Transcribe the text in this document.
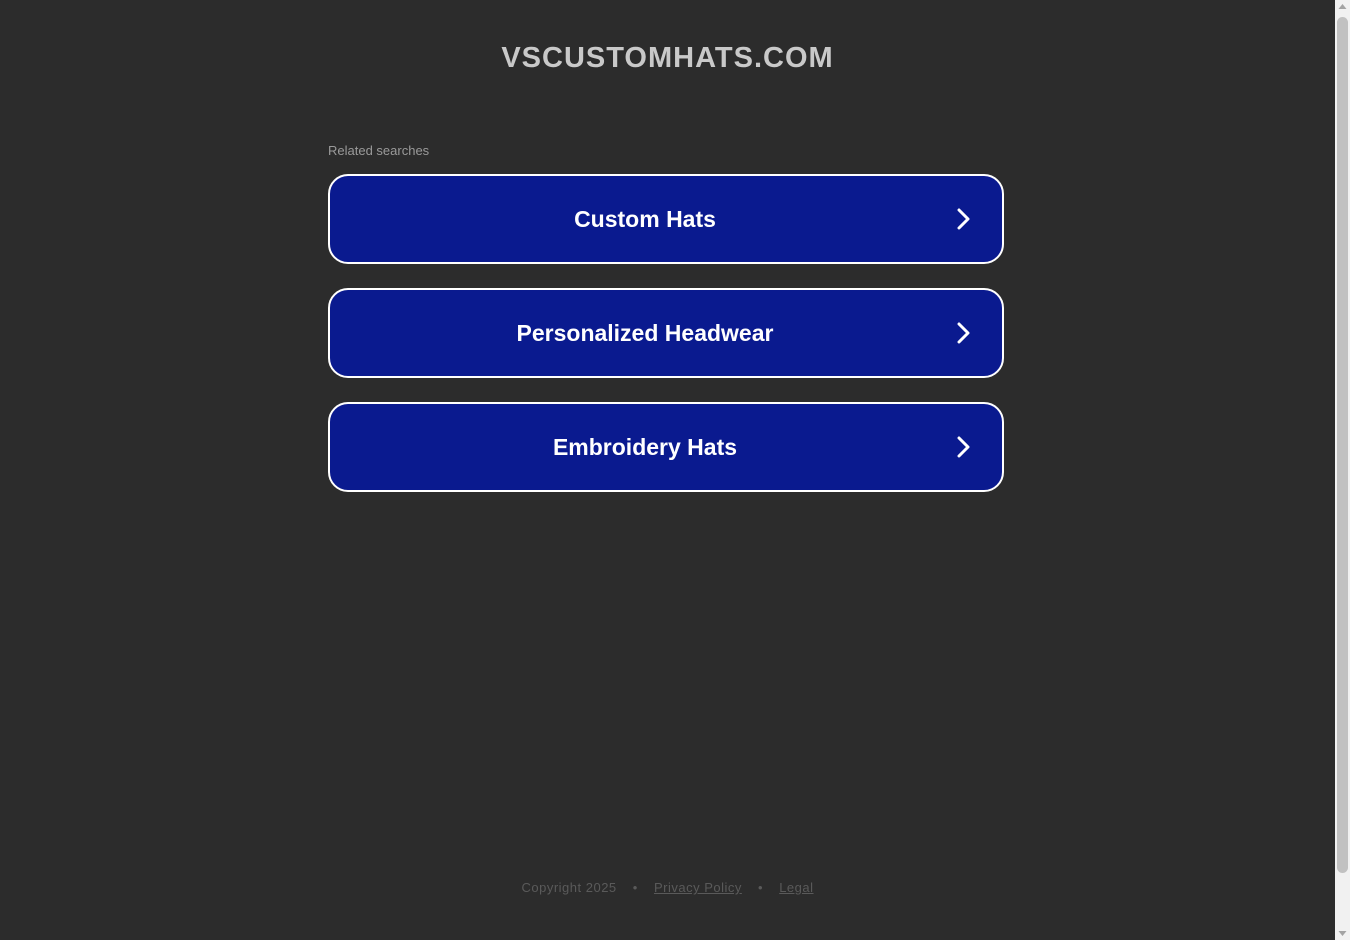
VSCUSTOMHATS.COM
Related searches
Custom Hats
Personalized Headwear
Embroidery Hats
Copyright 2025 • Privacy Policy • Legal
